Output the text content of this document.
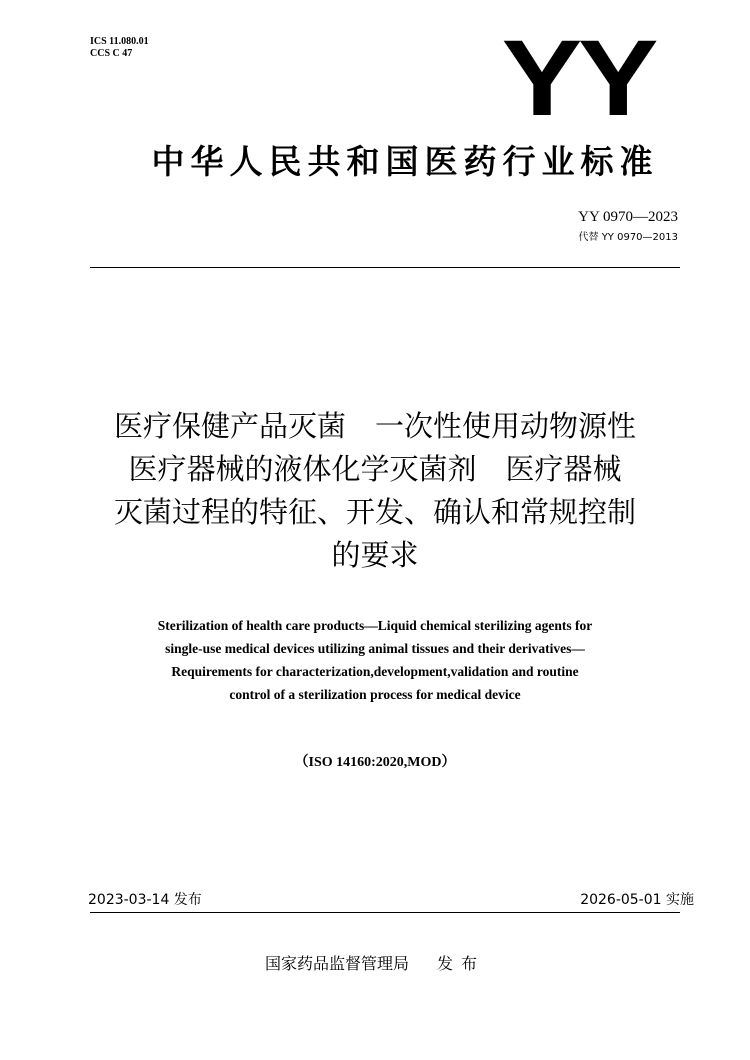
ICS 11.080.01
CCS C 47	YY
中华人民共和国医药行业标准
YY 0970—2023
代替 YY 0970—2013
医疗保健产品灭菌　一次性使用动物源性
医疗器械的液体化学灭菌剂　医疗器械
灭菌过程的特征、开发、确认和常规控制
的要求
Sterilization of health care products—Liquid chemical sterilizing agents for
single-use medical devices utilizing animal tissues and their derivatives—
Requirements for characterization,development,validation and routine
control of a sterilization process for medical device
（ISO 14160:2020,MOD）
2023-03-14 发布	2026-05-01 实施
国家药品监督管理局 发布
